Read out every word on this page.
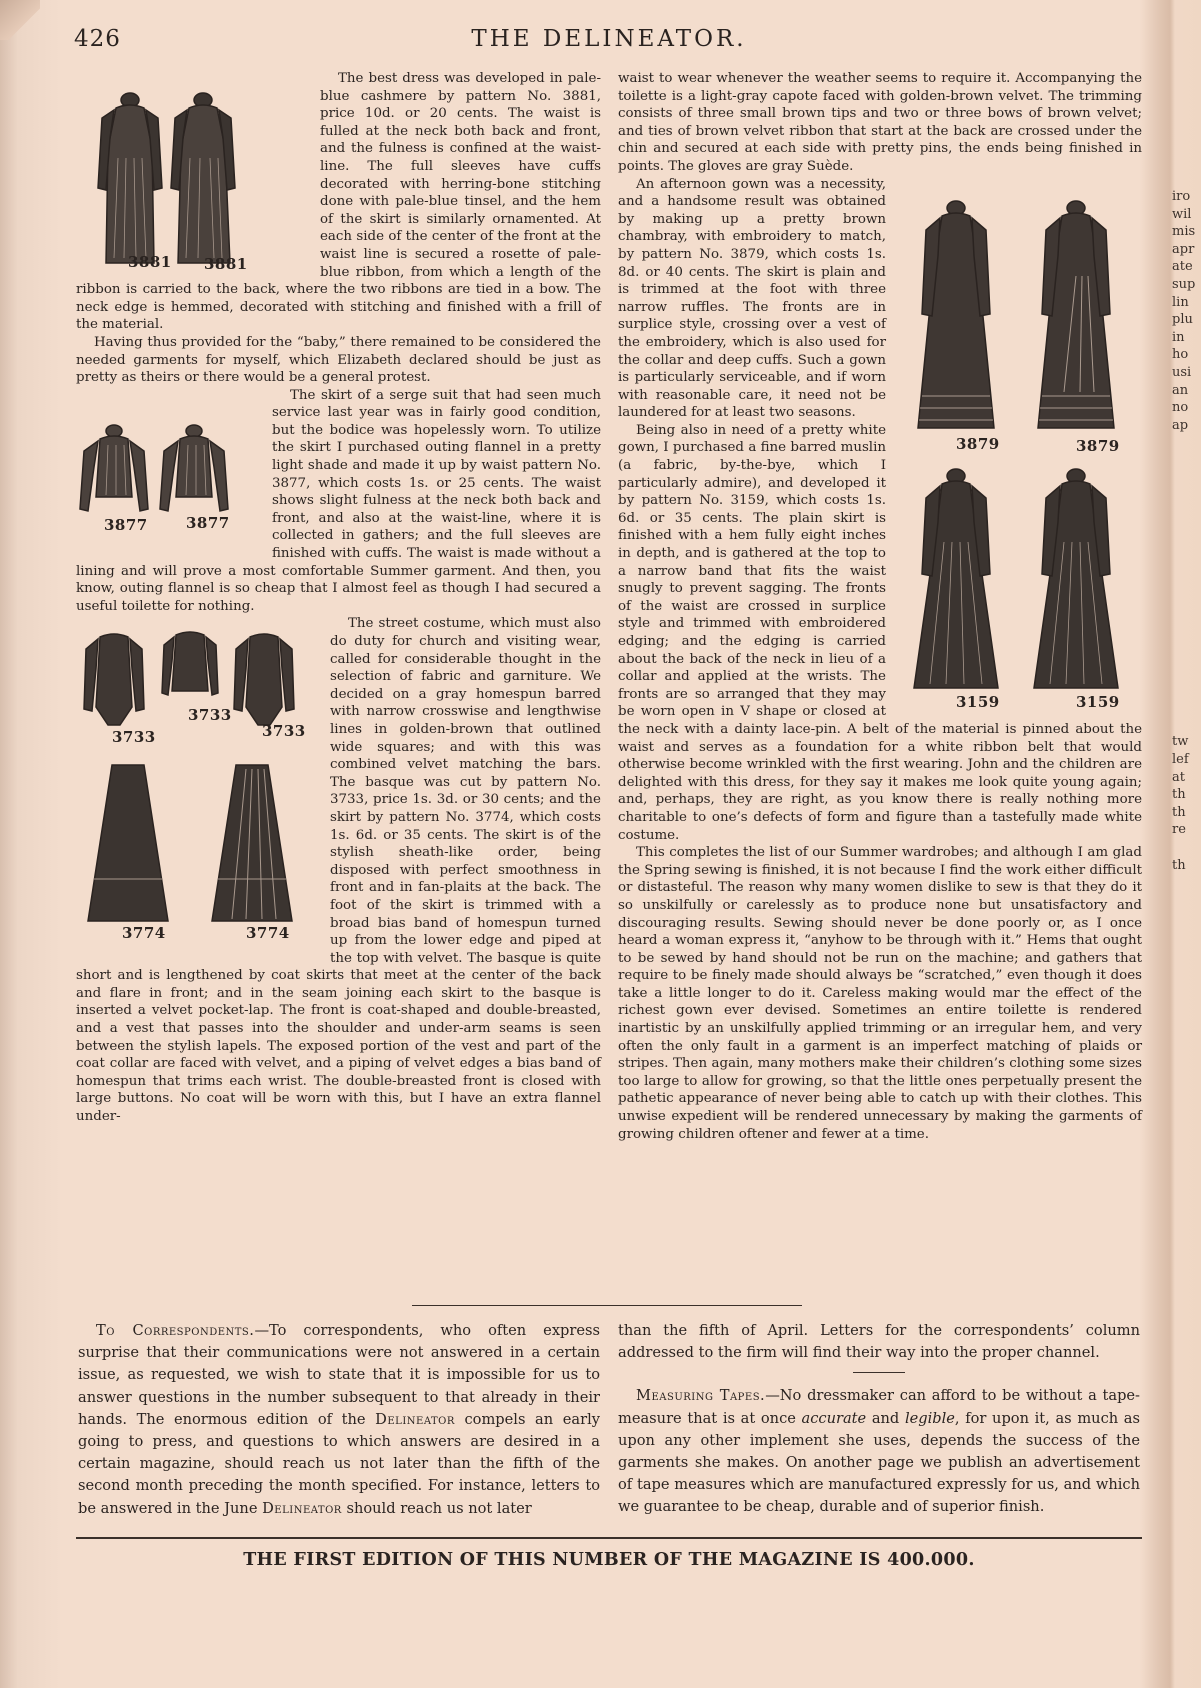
426	THE DELINEATOR.

3881	3881
The best dress was developed in pale-blue cashmere by pattern No. 3881, price 10d. or 20 cents. The waist is fulled at the neck both back and front, and the fulness is confined at the waist-line. The full sleeves have cuffs decorated with herring-bone stitching done with pale-blue tinsel, and the hem of the skirt is similarly ornamented. At each side of the center of the front at the waist line is secured a rosette of pale-blue ribbon, from which a length of the ribbon is carried to the back, where the two ribbons are tied in a bow. The neck edge is hemmed, decorated with stitching and finished with a frill of the material.

Having thus provided for the “baby,” there remained to be considered the needed garments for myself, which Elizabeth declared should be just as pretty as theirs or there would be a general protest.

3877	3877
The skirt of a serge suit that had seen much service last year was in fairly good condition, but the bodice was hopelessly worn. To utilize the skirt I purchased outing flannel in a pretty light shade and made it up by waist pattern No. 3877, which costs 1s. or 25 cents. The waist shows slight fulness at the neck both back and front, and also at the waist-line, where it is collected in gathers; and the full sleeves are finished with cuffs. The waist is made without a lining and will prove a most comfortable Summer garment. And then, you know, outing flannel is so cheap that I almost feel as though I had secured a useful toilette for nothing.

3733
3733
3733
3774	3774
The street costume, which must also do duty for church and visiting wear, called for considerable thought in the selection of fabric and garniture. We decided on a gray homespun barred with narrow crosswise and lengthwise lines in golden-brown that outlined wide squares; and with this was combined velvet matching the bars. The basque was cut by pattern No. 3733, price 1s. 3d. or 30 cents; and the skirt by pattern No. 3774, which costs 1s. 6d. or 35 cents. The skirt is of the stylish sheath-like order, being disposed with perfect smoothness in front and in fan-plaits at the back. The foot of the skirt is trimmed with a broad bias band of homespun turned up from the lower edge and piped at the top with velvet. The basque is quite short and is lengthened by coat skirts that meet at the center of the back and flare in front; and in the seam joining each skirt to the basque is inserted a velvet pocket-lap. The front is coat-shaped and double-breasted, and a vest that passes into the shoulder and under-arm seams is seen between the stylish lapels. The exposed portion of the vest and part of the coat collar are faced with velvet, and a piping of velvet edges a bias band of homespun that trims each wrist. The double-breasted front is closed with large buttons. No coat will be worn with this, but I have an extra flannel under-

waist to wear whenever the weather seems to require it. Accompanying the toilette is a light-gray capote faced with golden-brown velvet. The trimming consists of three small brown tips and two or three bows of brown velvet; and ties of brown velvet ribbon that start at the back are crossed under the chin and secured at each side with pretty pins, the ends being finished in points. The gloves are gray Suède.

3879	3879
3159	3159
An afternoon gown was a necessity, and a handsome result was obtained by making up a pretty brown chambray, with embroidery to match, by pattern No. 3879, which costs 1s. 8d. or 40 cents. The skirt is plain and is trimmed at the foot with three narrow ruffles. The fronts are in surplice style, crossing over a vest of the embroidery, which is also used for the collar and deep cuffs. Such a gown is particularly serviceable, and if worn with reasonable care, it need not be laundered for at least two seasons.

Being also in need of a pretty white gown, I purchased a fine barred muslin (a fabric, by-the-bye, which I particularly admire), and developed it by pattern No. 3159, which costs 1s. 6d. or 35 cents. The plain skirt is finished with a hem fully eight inches in depth, and is gathered at the top to a narrow band that fits the waist snugly to prevent sagging. The fronts of the waist are crossed in surplice style and trimmed with embroidered edging; and the edging is carried about the back of the neck in lieu of a collar and applied at the wrists. The fronts are so arranged that they may be worn open in V shape or closed at the neck with a dainty lace-pin. A belt of the material is pinned about the waist and serves as a foundation for a white ribbon belt that would otherwise become wrinkled with the first wearing. John and the children are delighted with this dress, for they say it makes me look quite young again; and, perhaps, they are right, as you know there is really nothing more charitable to one’s defects of form and figure than a tastefully made white costume.

This completes the list of our Summer wardrobes; and although I am glad the Spring sewing is finished, it is not because I find the work either difficult or distasteful. The reason why many women dislike to sew is that they do it so unskilfully or carelessly as to produce none but unsatisfactory and discouraging results. Sewing should never be done poorly or, as I once heard a woman express it, “anyhow to be through with it.” Hems that ought to be sewed by hand should not be run on the machine; and gathers that require to be finely made should always be “scratched,” even though it does take a little longer to do it. Careless making would mar the effect of the richest gown ever devised. Sometimes an entire toilette is rendered inartistic by an unskilfully applied trimming or an irregular hem, and very often the only fault in a garment is an imperfect matching of plaids or stripes. Then again, many mothers make their children’s clothing some sizes too large to allow for growing, so that the little ones perpetually present the pathetic appearance of never being able to catch up with their clothes. This unwise expedient will be rendered unnecessary by making the garments of growing children oftener and fewer at a time.

To Correspondents.—To correspondents, who often express surprise that their communications were not answered in a certain issue, as requested, we wish to state that it is impossible for us to answer questions in the number subsequent to that already in their hands. The enormous edition of the Delineator compels an early going to press, and questions to which answers are desired in a certain magazine, should reach us not later than the fifth of the second month preceding the month specified. For instance, letters to be answered in the June Delineator should reach us not later

than the fifth of April. Letters for the correspondents’ column addressed to the firm will find their way into the proper channel.

Measuring Tapes.—No dressmaker can afford to be without a tape-measure that is at once accurate and legible, for upon it, as much as upon any other implement she uses, depends the success of the garments she makes. On another page we publish an advertisement of tape measures which are manufactured expressly for us, and which we guarantee to be cheap, durable and of superior finish.

THE FIRST EDITION OF THIS NUMBER OF THE MAGAZINE IS 400.000.
iro
wil
mis
apr
ate
sup
lin
plu
in
ho
usi
an
no
ap
tw
lef
at
th
th
re
th
